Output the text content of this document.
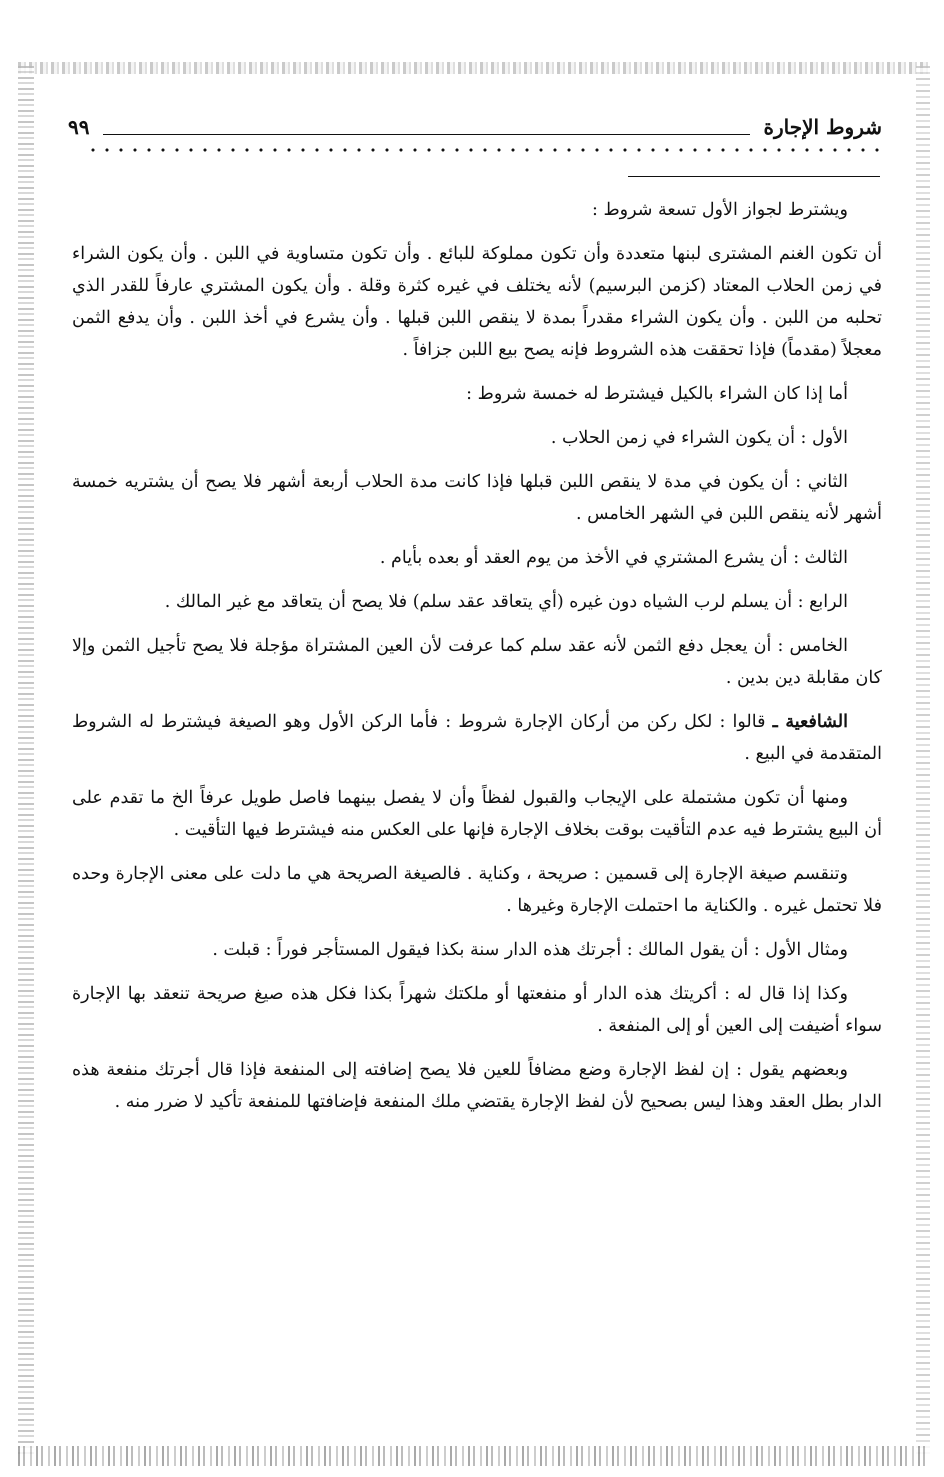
شروط الإجارة
٩٩

ويشترط لجواز الأول تسعة شروط :

أن تكون الغنم المشترى لبنها متعددة وأن تكون مملوكة للبائع . وأن تكون متساوية في اللبن . وأن يكون الشراء في زمن الحلاب المعتاد (كزمن البرسيم) لأنه يختلف في غيره كثرة وقلة . وأن يكون المشتري عارفاً للقدر الذي تحلبه من اللبن . وأن يكون الشراء مقدراً بمدة لا ينقص اللبن قبلها . وأن يشرع في أخذ اللبن . وأن يدفع الثمن معجلاً (مقدماً) فإذا تحققت هذه الشروط فإنه يصح بيع اللبن جزافاً .

أما إذا كان الشراء بالكيل فيشترط له خمسة شروط :

الأول : أن يكون الشراء في زمن الحلاب .

الثاني : أن يكون في مدة لا ينقص اللبن قبلها فإذا كانت مدة الحلاب أربعة أشهر فلا يصح أن يشتريه خمسة أشهر لأنه ينقص اللبن في الشهر الخامس .

الثالث : أن يشرع المشتري في الأخذ من يوم العقد أو بعده بأيام .

الرابع : أن يسلم لرب الشياه دون غيره (أي يتعاقد عقد سلم) فلا يصح أن يتعاقد مع غير المالك .

الخامس : أن يعجل دفع الثمن لأنه عقد سلم كما عرفت لأن العين المشتراة مؤجلة فلا يصح تأجيل الثمن وإلا كان مقابلة دين بدين .

الشافعية ـ قالوا : لكل ركن من أركان الإجارة شروط : فأما الركن الأول وهو الصيغة فيشترط له الشروط المتقدمة في البيع .

ومنها أن تكون مشتملة على الإيجاب والقبول لفظاً وأن لا يفصل بينهما فاصل طويل عرفاً الخ ما تقدم على أن البيع يشترط فيه عدم التأقيت بوقت بخلاف الإجارة فإنها على العكس منه فيشترط فيها التأقيت .

وتنقسم صيغة الإجارة إلى قسمين : صريحة ، وكناية . فالصيغة الصريحة هي ما دلت على معنى الإجارة وحده فلا تحتمل غيره . والكناية ما احتملت الإجارة وغيرها .

ومثال الأول : أن يقول المالك : أجرتك هذه الدار سنة بكذا فيقول المستأجر فوراً : قبلت .

وكذا إذا قال له : أكريتك هذه الدار أو منفعتها أو ملكتك شهراً بكذا فكل هذه صيغ صريحة تنعقد بها الإجارة سواء أضيفت إلى العين أو إلى المنفعة .

وبعضهم يقول : إن لفظ الإجارة وضع مضافاً للعين فلا يصح إضافته إلى المنفعة فإذا قال أجرتك منفعة هذه الدار بطل العقد وهذا ليس بصحيح لأن لفظ الإجارة يقتضي ملك المنفعة فإضافتها للمنفعة تأكيد لا ضرر منه .
